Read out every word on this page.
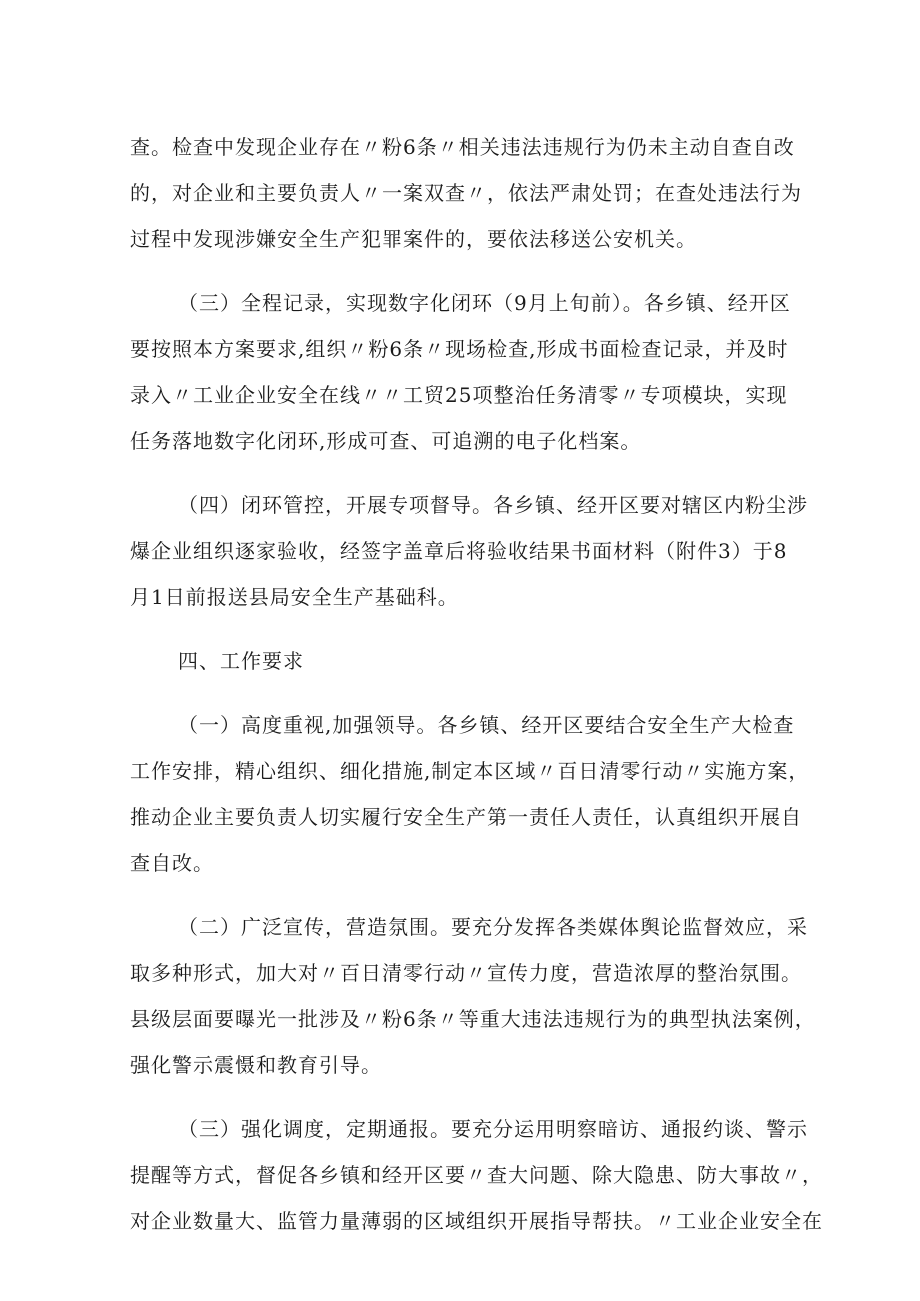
查。检查中发现企业存在〃粉6条〃相关违法违规行为仍未主动自查自改
的，对企业和主要负责人〃一案双查〃，依法严肃处罚；在查处违法行为
过程中发现涉嫌安全生产犯罪案件的，要依法移送公安机关。
（三）全程记录，实现数字化闭环（9月上旬前）。各乡镇、经开区
要按照本方案要求,组织〃粉6条〃现场检查,形成书面检查记录，并及时
录入〃工业企业安全在线〃〃工贸25项整治任务清零〃专项模块，实现
任务落地数字化闭环,形成可查、可追溯的电子化档案。
（四）闭环管控，开展专项督导。各乡镇、经开区要对辖区内粉尘涉
爆企业组织逐家验收，经签字盖章后将验收结果书面材料（附件3）于8
月1日前报送县局安全生产基础科。
四、工作要求
（一）高度重视,加强领导。各乡镇、经开区要结合安全生产大检查
工作安排，精心组织、细化措施,制定本区域〃百日清零行动〃实施方案，
推动企业主要负责人切实履行安全生产第一责任人责任，认真组织开展自
查自改。
（二）广泛宣传，营造氛围。要充分发挥各类媒体舆论监督效应，采
取多种形式，加大对〃百日清零行动〃宣传力度，营造浓厚的整治氛围。
县级层面要曝光一批涉及〃粉6条〃等重大违法违规行为的典型执法案例，
强化警示震慑和教育引导。
（三）强化调度，定期通报。要充分运用明察暗访、通报约谈、警示
提醒等方式，督促各乡镇和经开区要〃查大问题、除大隐患、防大事故〃，
对企业数量大、监管力量薄弱的区域组织开展指导帮扶。〃工业企业安全在
